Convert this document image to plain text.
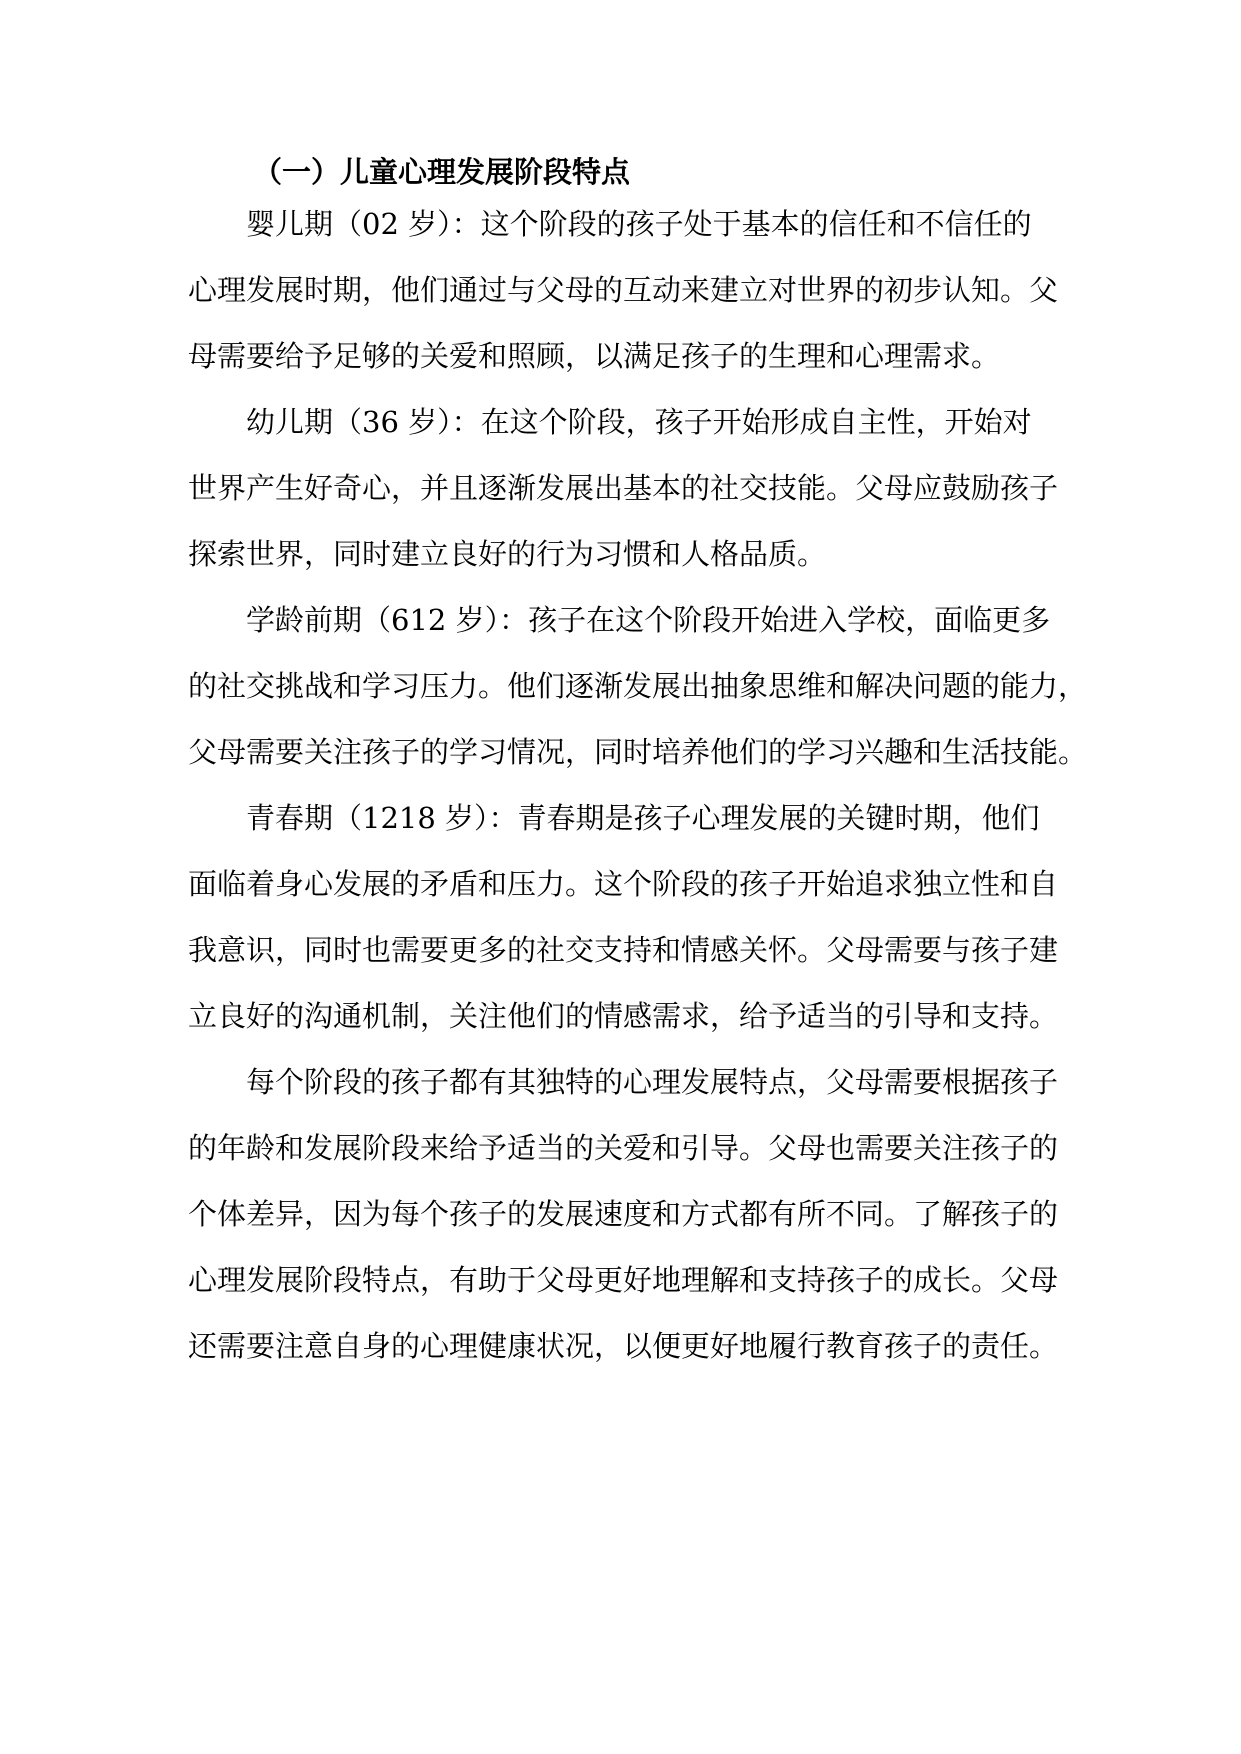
（一）儿童心理发展阶段特点
婴儿期（02 岁）：这个阶段的孩子处于基本的信任和不信任的
心理发展时期，他们通过与父母的互动来建立对世界的初步认知。父
母需要给予足够的关爱和照顾，以满足孩子的生理和心理需求。
幼儿期（36 岁）：在这个阶段，孩子开始形成自主性，开始对
世界产生好奇心，并且逐渐发展出基本的社交技能。父母应鼓励孩子
探索世界，同时建立良好的行为习惯和人格品质。
学龄前期（612 岁）：孩子在这个阶段开始进入学校，面临更多
的社交挑战和学习压力。他们逐渐发展出抽象思维和解决问题的能力，
父母需要关注孩子的学习情况，同时培养他们的学习兴趣和生活技能。
青春期（1218 岁）：青春期是孩子心理发展的关键时期，他们
面临着身心发展的矛盾和压力。这个阶段的孩子开始追求独立性和自
我意识，同时也需要更多的社交支持和情感关怀。父母需要与孩子建
立良好的沟通机制，关注他们的情感需求，给予适当的引导和支持。
每个阶段的孩子都有其独特的心理发展特点，父母需要根据孩子
的年龄和发展阶段来给予适当的关爱和引导。父母也需要关注孩子的
个体差异，因为每个孩子的发展速度和方式都有所不同。了解孩子的
心理发展阶段特点，有助于父母更好地理解和支持孩子的成长。父母
还需要注意自身的心理健康状况，以便更好地履行教育孩子的责任。
